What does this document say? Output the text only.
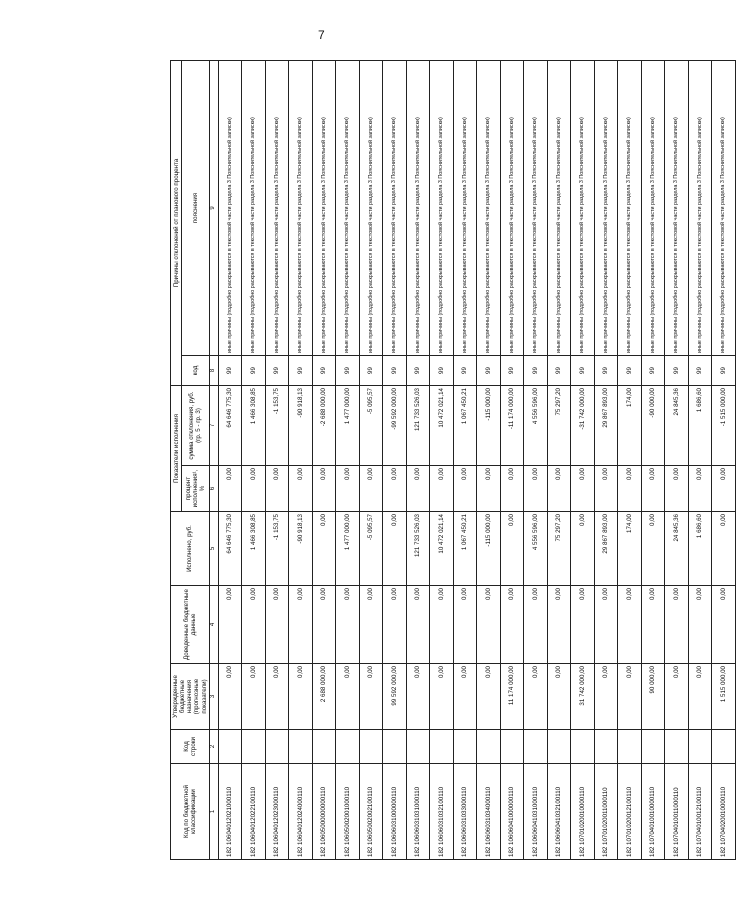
7
Код по бюджетной классификации	Код строки	Утвержденные бюджетные назначения (прогнозные показатели)	Доведенные бюджетные данные	Исполнено, руб.	Показатели исполнения		Причины отклонений от планового процента	
					процент исполнения¹, %	сумма отклонения, руб. (гр. 5 - гр. 3)	код	пояснения
1	2	3	4	5	6	7	8	9
182 10604012021000110		0,00	0,00	64 646 775,30	0,00	64 646 775,30	99	иные причины (подробно раскрываются в текстовой части раздела 3 Пояснительной записки)
182 10604012022100110		0,00	0,00	1 466 308,85	0,00	1 466 308,85	99	иные причины (подробно раскрываются в текстовой части раздела 3 Пояснительной записки)
182 10604012023000110		0,00	0,00	-1 153,75	0,00	-1 153,75	99	иные причины (подробно раскрываются в текстовой части раздела 3 Пояснительной записки)
182 10604012024000110		0,00	0,00	-90 918,13	0,00	-90 918,13	99	иные причины (подробно раскрываются в текстовой части раздела 3 Пояснительной записки)
182 10605000000000110		2 688 000,00	0,00	0,00	0,00	-2 688 000,00	99	иные причины (подробно раскрываются в текстовой части раздела 3 Пояснительной записки)
182 10605002001000110		0,00	0,00	1 477 000,00	0,00	1 477 000,00	99	иные причины (подробно раскрываются в текстовой части раздела 3 Пояснительной записки)
182 10605002002100110		0,00	0,00	-5 095,57	0,00	-5 095,57	99	иные причины (подробно раскрываются в текстовой части раздела 3 Пояснительной записки)
182 10606031000000110		99 592 000,00	0,00	0,00	0,00	-99 592 000,00	99	иные причины (подробно раскрываются в текстовой части раздела 3 Пояснительной записки)
182 10606031031000110		0,00	0,00	121 733 526,03	0,00	121 733 526,03	99	иные причины (подробно раскрываются в текстовой части раздела 3 Пояснительной записки)
182 10606031032100110		0,00	0,00	10 472 021,14	0,00	10 472 021,14	99	иные причины (подробно раскрываются в текстовой части раздела 3 Пояснительной записки)
182 10606031033000110		0,00	0,00	1 067 450,21	0,00	1 067 450,21	99	иные причины (подробно раскрываются в текстовой части раздела 3 Пояснительной записки)
182 10606031034000110		0,00	0,00	-115 000,00	0,00	-115 000,00	99	иные причины (подробно раскрываются в текстовой части раздела 3 Пояснительной записки)
182 10606041000000110		11 174 000,00	0,00	0,00	0,00	-11 174 000,00	99	иные причины (подробно раскрываются в текстовой части раздела 3 Пояснительной записки)
182 10606041031000110		0,00	0,00	4 556 596,00	0,00	4 556 596,00	99	иные причины (подробно раскрываются в текстовой части раздела 3 Пояснительной записки)
182 10606041032100110		0,00	0,00	75 297,20	0,00	75 297,20	99	иные причины (подробно раскрываются в текстовой части раздела 3 Пояснительной записки)
182 10701020010000110		31 742 000,00	0,00	0,00	0,00	-31 742 000,00	99	иные причины (подробно раскрываются в текстовой части раздела 3 Пояснительной записки)
182 10701020011000110		0,00	0,00	29 867 893,00	0,00	29 867 893,00	99	иные причины (подробно раскрываются в текстовой части раздела 3 Пояснительной записки)
182 10701020012100110		0,00	0,00	174,00	0,00	174,00	99	иные причины (подробно раскрываются в текстовой части раздела 3 Пояснительной записки)
182 10704010010000110		90 000,00	0,00	0,00	0,00	-90 000,00	99	иные причины (подробно раскрываются в текстовой части раздела 3 Пояснительной записки)
182 10704010011000110		0,00	0,00	24 845,36	0,00	24 845,36	99	иные причины (подробно раскрываются в текстовой части раздела 3 Пояснительной записки)
182 10704010012100110		0,00	0,00	1 686,60	0,00	1 686,60	99	иные причины (подробно раскрываются в текстовой части раздела 3 Пояснительной записки)
182 10704020010000110		1 515 000,00	0,00	0,00	0,00	-1 515 000,00	99	иные причины (подробно раскрываются в текстовой части раздела 3 Пояснительной записки)
